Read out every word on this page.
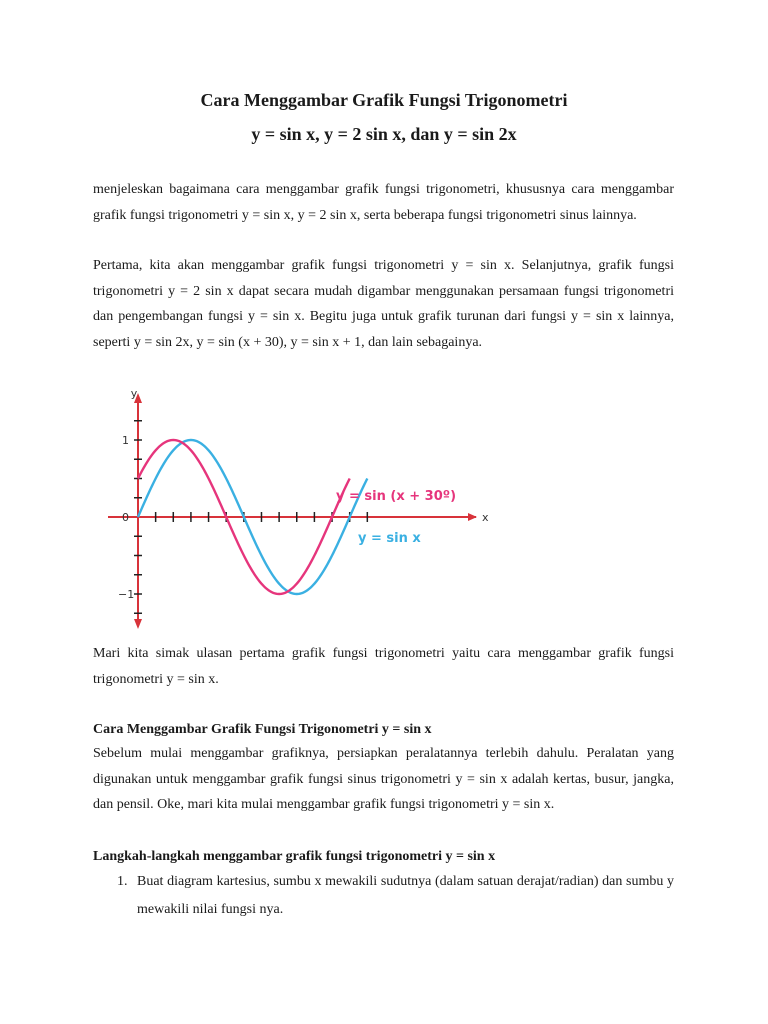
Cara Menggambar Grafik Fungsi Trigonometri
y = sin x, y = 2 sin x, dan y = sin 2x

menjeleskan bagaimana cara menggambar grafik fungsi trigonometri, khususnya cara menggambar grafik fungsi trigonometri y = sin x, y = 2 sin x, serta beberapa fungsi trigonometri sinus lainnya.

Pertama, kita akan menggambar grafik fungsi trigonometri y = sin x. Selanjutnya, grafik fungsi trigonometri y = 2 sin x dapat secara mudah digambar menggunakan persamaan fungsi trigonometri dan pengembangan fungsi y = sin x. Begitu juga untuk grafik turunan dari fungsi y = sin x lainnya, seperti y = sin 2x, y = sin (x + 30), y = sin x + 1, dan lain sebagainya.

y
x
1
0
−1
y = sin (x + 30º)
y = sin x

Mari kita simak ulasan pertama grafik fungsi trigonometri yaitu cara menggambar grafik fungsi trigonometri y = sin x.

Cara Menggambar Grafik Fungsi Trigonometri y = sin x

Sebelum mulai menggambar grafiknya, persiapkan peralatannya terlebih dahulu. Peralatan yang digunakan untuk menggambar grafik fungsi sinus trigonometri y = sin x adalah kertas, busur, jangka, dan pensil. Oke, mari kita mulai menggambar grafik fungsi trigonometri y = sin x.

Langkah-langkah menggambar grafik fungsi trigonometri y = sin x
1. Buat diagram kartesius, sumbu x mewakili sudutnya (dalam satuan derajat/radian) dan sumbu y mewakili nilai fungsi nya.
